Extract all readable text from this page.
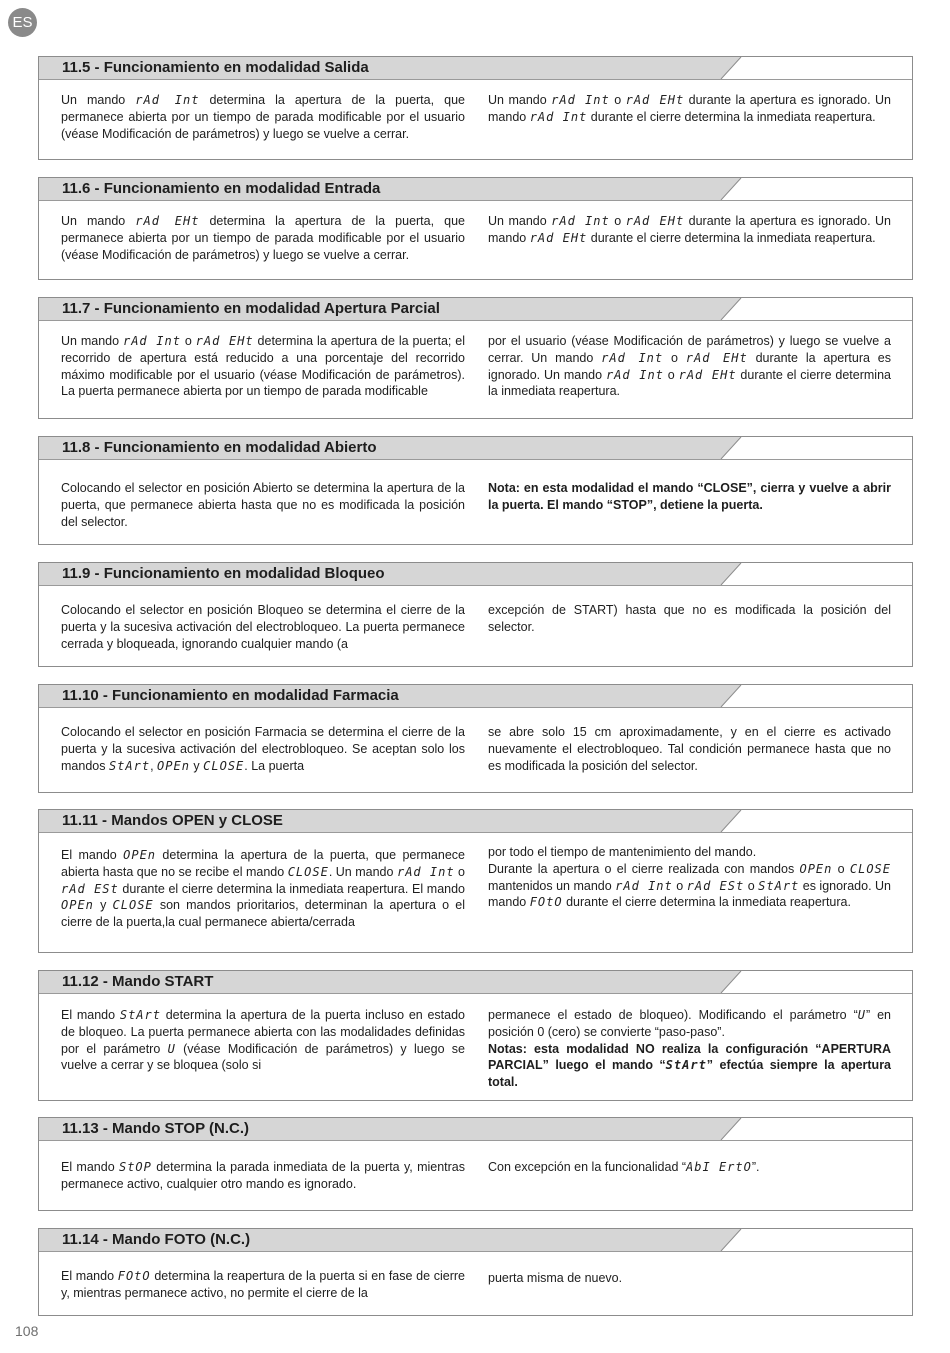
ES
11.5 - Funcionamiento en modalidad Salida
Un mando rAd Int determina la apertura de la puerta, que permanece abierta por un tiempo de parada modificable por el usuario (véase Modificación de parámetros) y luego se vuelve a cerrar.
Un mando rAd Int o rAd EHt durante la apertura es ignorado. Un mando rAd Int durante el cierre determina la inmediata reapertura.
11.6 - Funcionamiento en modalidad Entrada
Un mando rAd EHt determina la apertura de la puerta, que permanece abierta por un tiempo de parada modificable por el usuario (véase Modificación de parámetros) y luego se vuelve a cerrar.
Un mando rAd Int o rAd EHt durante la apertura es ignorado. Un mando rAd EHt durante el cierre determina la inmediata reapertura.
11.7 - Funcionamiento en modalidad Apertura Parcial
Un mando rAd Int o rAd EHt determina la apertura de la puerta; el recorrido de apertura está reducido a una porcentaje del recorrido máximo modificable por el usuario (véase Modificación de parámetros). La puerta permanece abierta por un tiempo de parada modificable
por el usuario (véase Modificación de parámetros) y luego se vuelve a cerrar. Un mando rAd Int o rAd EHt durante la apertura es ignorado. Un mando rAd Int o rAd EHt durante el cierre determina la inmediata reapertura.
11.8 - Funcionamiento en modalidad Abierto
Colocando el selector en posición Abierto se determina la apertura de la puerta, que permanece abierta hasta que no es modificada la posición del selector.
Nota: en esta modalidad el mando “CLOSE”, cierra y vuelve a abrir la puerta. El mando “STOP”, detiene la puerta.
11.9 - Funcionamiento en modalidad Bloqueo
Colocando el selector en posición Bloqueo se determina el cierre de la puerta y la sucesiva activación del electrobloqueo. La puerta permanece cerrada y bloqueada, ignorando cualquier mando (a
excepción de START) hasta que no es modificada la posición del selector.
11.10 - Funcionamiento en modalidad Farmacia
Colocando el selector en posición Farmacia se determina el cierre de la puerta y la sucesiva activación del electrobloqueo. Se aceptan solo los mandos StArt, OPEn y CLOSE. La puerta
se abre solo 15 cm aproximadamente, y en el cierre es activado nuevamente el electrobloqueo. Tal condición permanece hasta que no es modificada la posición del selector.
11.11 - Mandos OPEN y CLOSE
El mando OPEn determina la apertura de la puerta, que permanece abierta hasta que no se recibe el mando CLOSE. Un mando rAd Int o rAd ESt durante el cierre determina la inmediata reapertura. El mando OPEn y CLOSE son mandos prioritarios, determinan la apertura o el cierre de la puerta,la cual permanece abierta/cerrada

por todo el tiempo de mantenimiento del mando.

Durante la apertura o el cierre realizada con mandos OPEn o CLOSE mantenidos un mando rAd Int o rAd ESt o StArt es ignorado. Un mando FOtO durante el cierre determina la inmediata reapertura.

11.12 - Mando START
El mando StArt determina la apertura de la puerta incluso en estado de bloqueo. La puerta permanece abierta con las modalidades definidas por el parámetro U (véase Modificación de parámetros) y luego se vuelve a cerrar y se bloquea (solo si

permanece el estado de bloqueo). Modificando el parámetro “U” en posición 0 (cero) se convierte “paso-paso”.

Notas: esta modalidad NO realiza la configuración “APERTURA PARCIAL” luego el mando “StArt” efectúa siempre la apertura total.

11.13 - Mando STOP (N.C.)
El mando StOP determina la parada inmediata de la puerta y, mientras permanece activo, cualquier otro mando es ignorado.
Con excepción en la funcionalidad “AbI ErtO”.
11.14 - Mando FOTO (N.C.)
El mando FOtO determina la reapertura de la puerta si en fase de cierre y, mientras permanece activo, no permite el cierre de la
puerta misma de nuevo.
108
